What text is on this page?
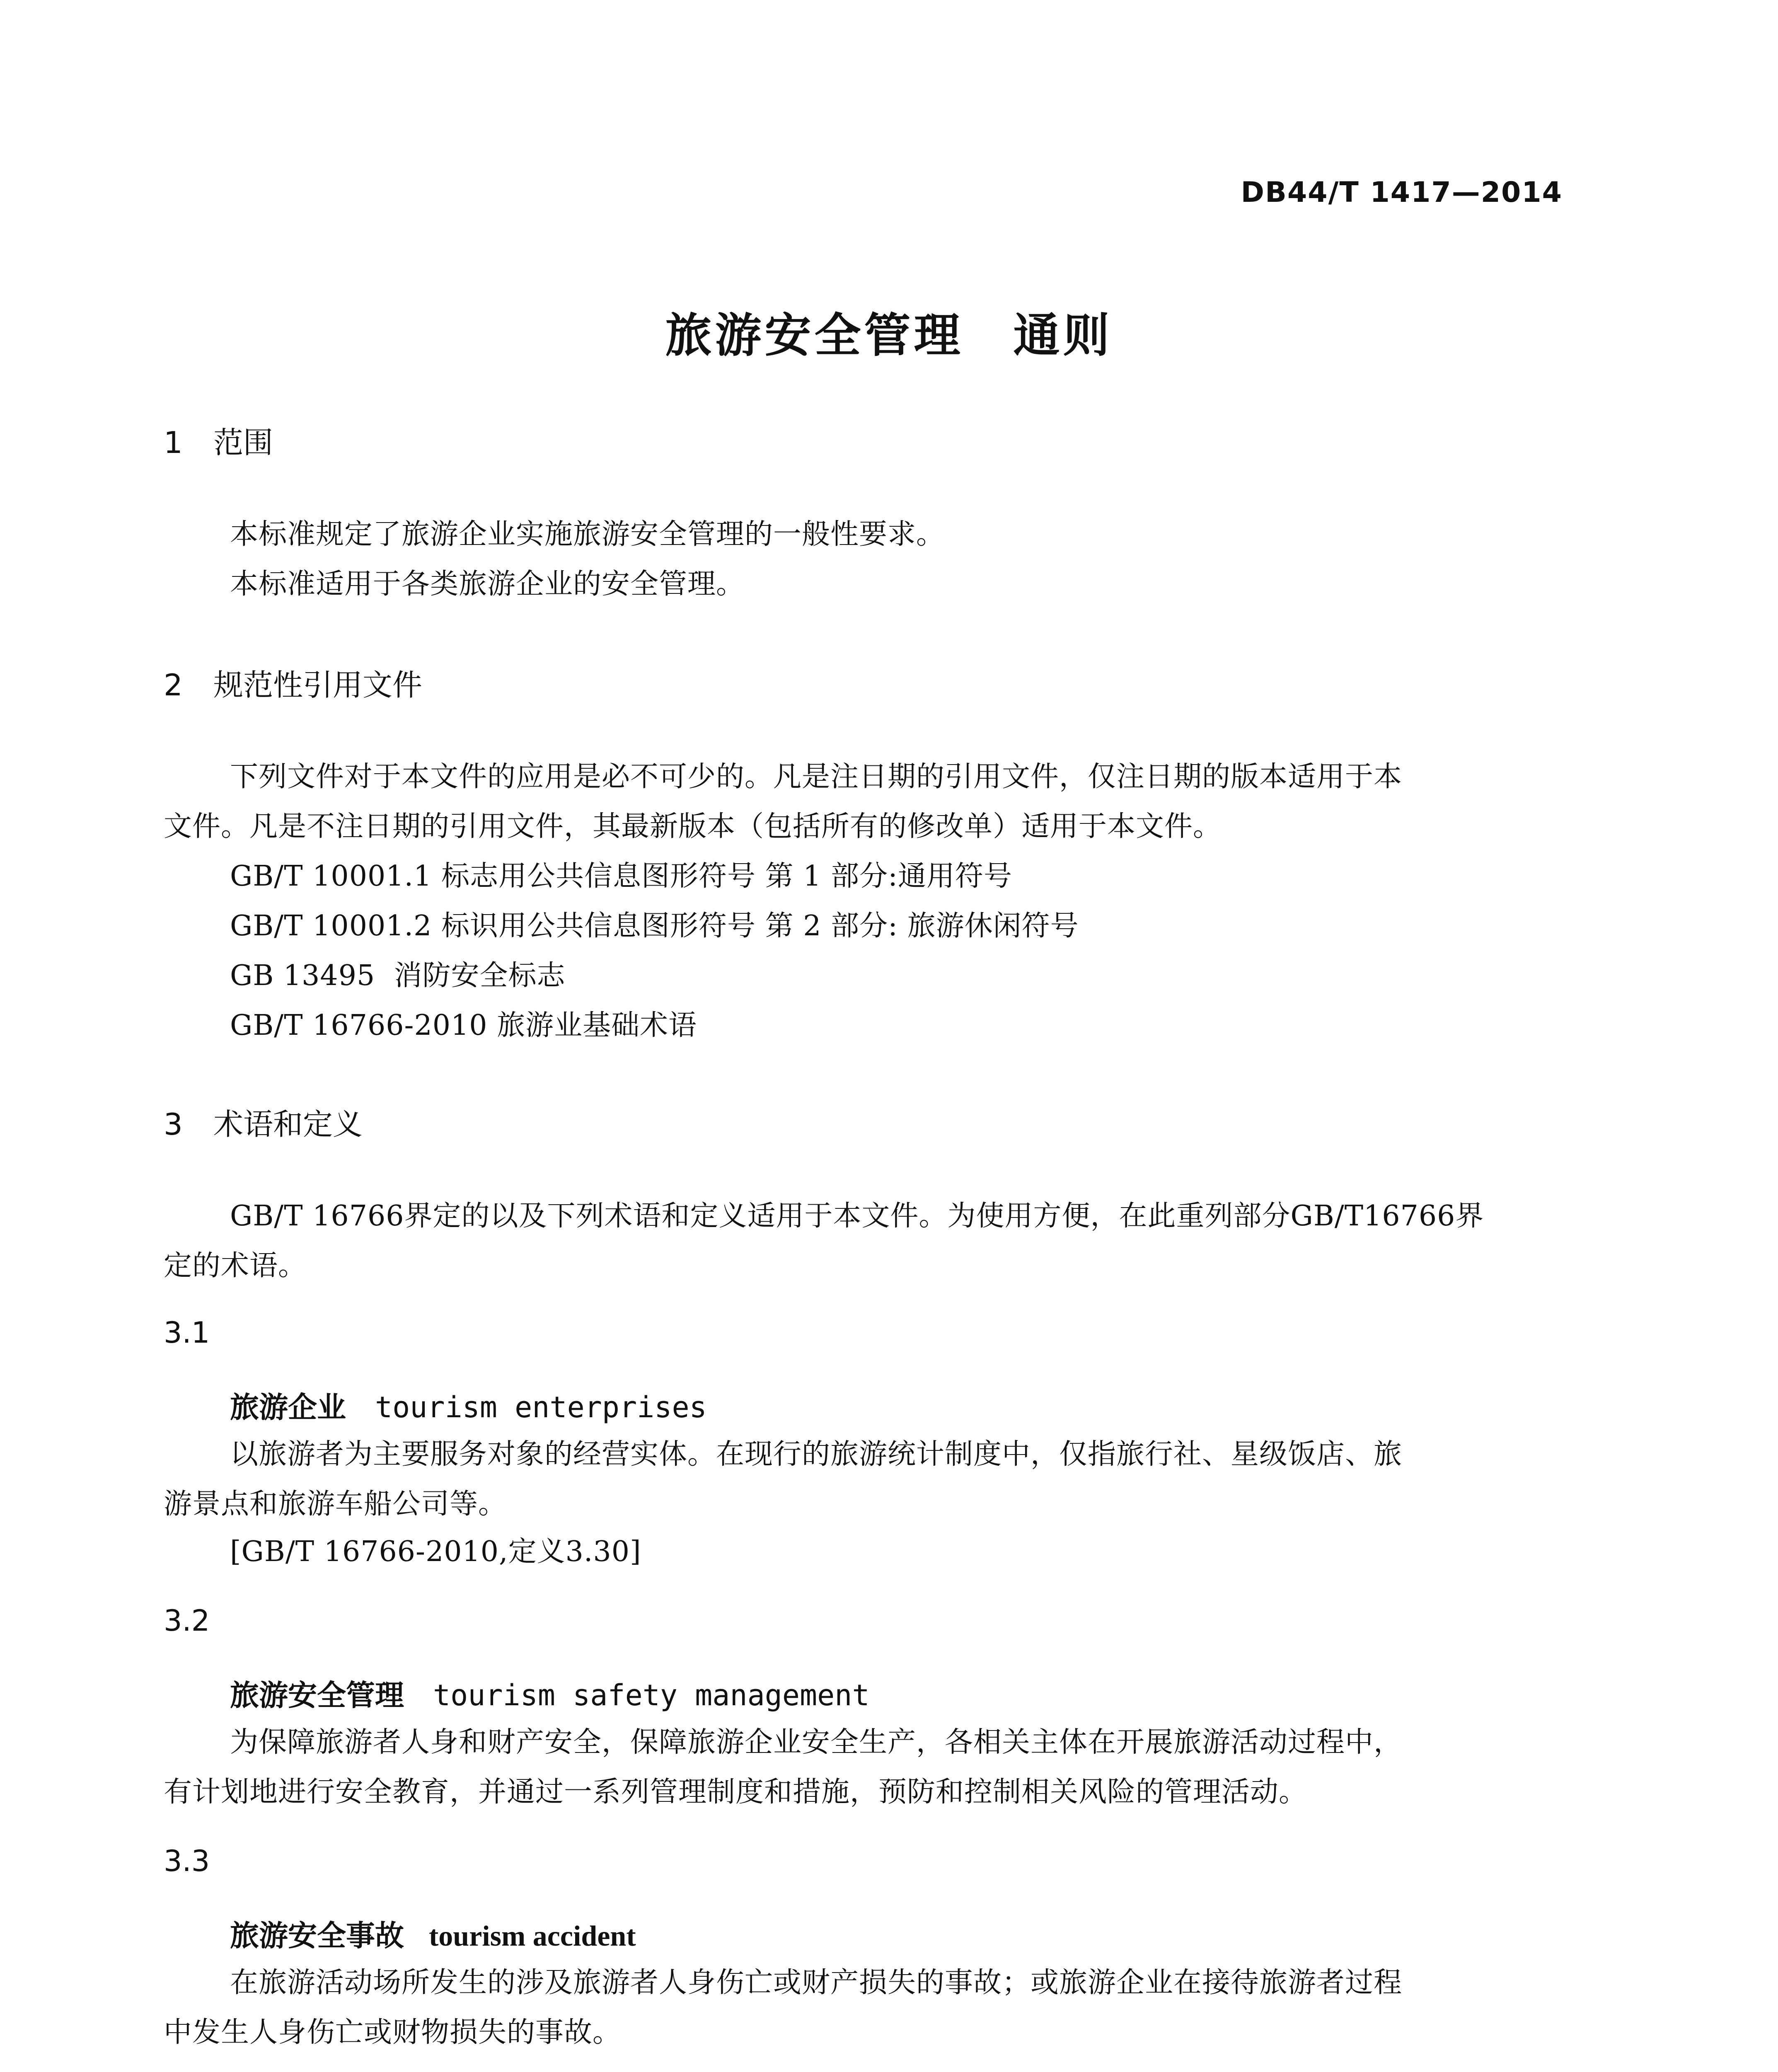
DB44/T 1417—2014
旅游安全管理 通则
1 范围
本标准规定了旅游企业实施旅游安全管理的一般性要求。
本标准适用于各类旅游企业的安全管理。
2 规范性引用文件
下列文件对于本文件的应用是必不可少的。凡是注日期的引用文件，仅注日期的版本适用于本
文件。凡是不注日期的引用文件，其最新版本（包括所有的修改单）适用于本文件。
GB/T 10001.1 标志用公共信息图形符号 第 1 部分:通用符号
GB/T 10001.2 标识用公共信息图形符号 第 2 部分: 旅游休闲符号
GB 13495  消防安全标志
GB/T 16766-2010 旅游业基础术语
3 术语和定义
GB/T 16766界定的以及下列术语和定义适用于本文件。为使用方便，在此重列部分GB/T16766界
定的术语。
3.1
旅游企业 tourism enterprises
以旅游者为主要服务对象的经营实体。在现行的旅游统计制度中，仅指旅行社、星级饭店、旅
游景点和旅游车船公司等。
[GB/T 16766-2010,定义3.30]
3.2
旅游安全管理 tourism safety management
为保障旅游者人身和财产安全，保障旅游企业安全生产，各相关主体在开展旅游活动过程中，
有计划地进行安全教育，并通过一系列管理制度和措施，预防和控制相关风险的管理活动。
3.3
旅游安全事故 tourism accident
在旅游活动场所发生的涉及旅游者人身伤亡或财产损失的事故；或旅游企业在接待旅游者过程
中发生人身伤亡或财物损失的事故。
